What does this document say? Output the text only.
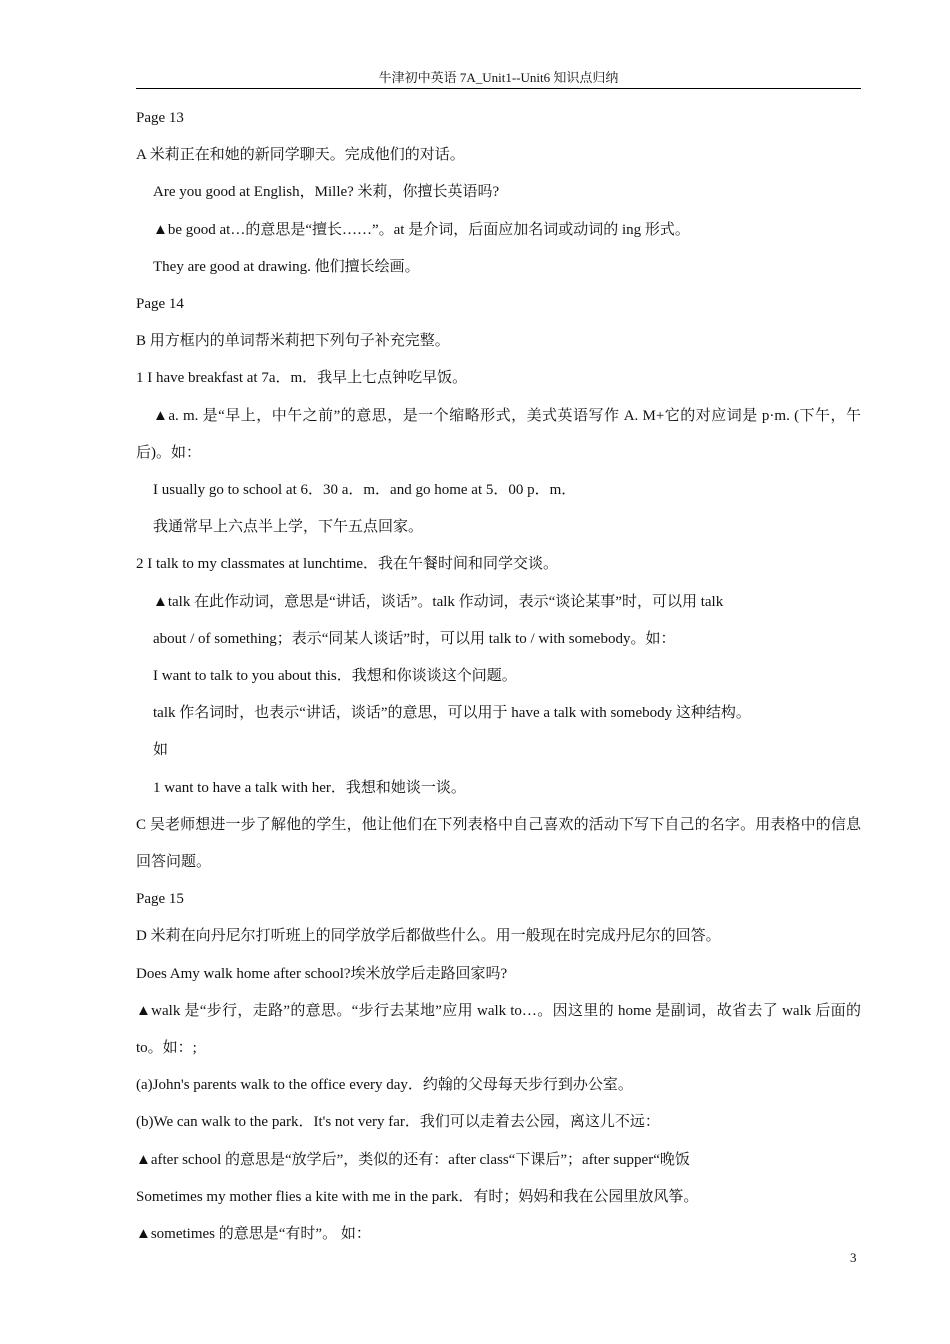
牛津初中英语 7A_Unit1--Unit6 知识点归纳

Page 13

A 米莉正在和她的新同学聊天。完成他们的对话。

Are you good at English，Mille? 米莉，你擅长英语吗?

▲be good at…的意思是“擅长……”。at 是介词，后面应加名词或动词的 ing 形式。

They are good at drawing. 他们擅长绘画。

Page 14

B 用方框内的单词帮米莉把下列句子补充完整。

1 I have breakfast at 7a．m．我早上七点钟吃早饭。

▲a. m. 是“早上，中午之前”的意思，是一个缩略形式，美式英语写作 A. M+它的对应词是 p·m. (下午，午后)。如：

I usually go to school at 6．30 a．m．and go home at 5．00 p．m．

我通常早上六点半上学，下午五点回家。

2 I talk to my classmates at lunchtime．我在午餐时间和同学交谈。

▲talk 在此作动词，意思是“讲话，谈话”。talk 作动词，表示“谈论某事”时，可以用 talk

about / of something；表示“同某人谈话”时，可以用 talk to / with somebody。如：

I want to talk to you about this．我想和你谈谈这个问题。

talk 作名词时，也表示“讲话，谈话”的意思，可以用于 have a talk with somebody 这种结构。

如

1 want to have a talk with her．我想和她谈一谈。

C 吴老师想进一步了解他的学生，他让他们在下列表格中自己喜欢的活动下写下自己的名字。用表格中的信息回答问题。

Page 15

D 米莉在向丹尼尔打听班上的同学放学后都做些什么。用一般现在时完成丹尼尔的回答。

Does Amy walk home after school?埃米放学后走路回家吗?

▲walk 是“步行，走路”的意思。“步行去某地”应用 walk to…。因这里的 home 是副词，故省去了 walk 后面的 to。如：;

(a)John's parents walk to the office every day．约翰的父母每天步行到办公室。

(b)We can walk to the park．It's not very far．我们可以走着去公园，离这儿不远：

▲after school 的意思是“放学后”，类似的还有：after class“下课后”；after supper“晚饭

Sometimes my mother flies a kite with me in the park．有时；妈妈和我在公园里放风筝。

▲sometimes 的意思是“有时”。 如：

3
